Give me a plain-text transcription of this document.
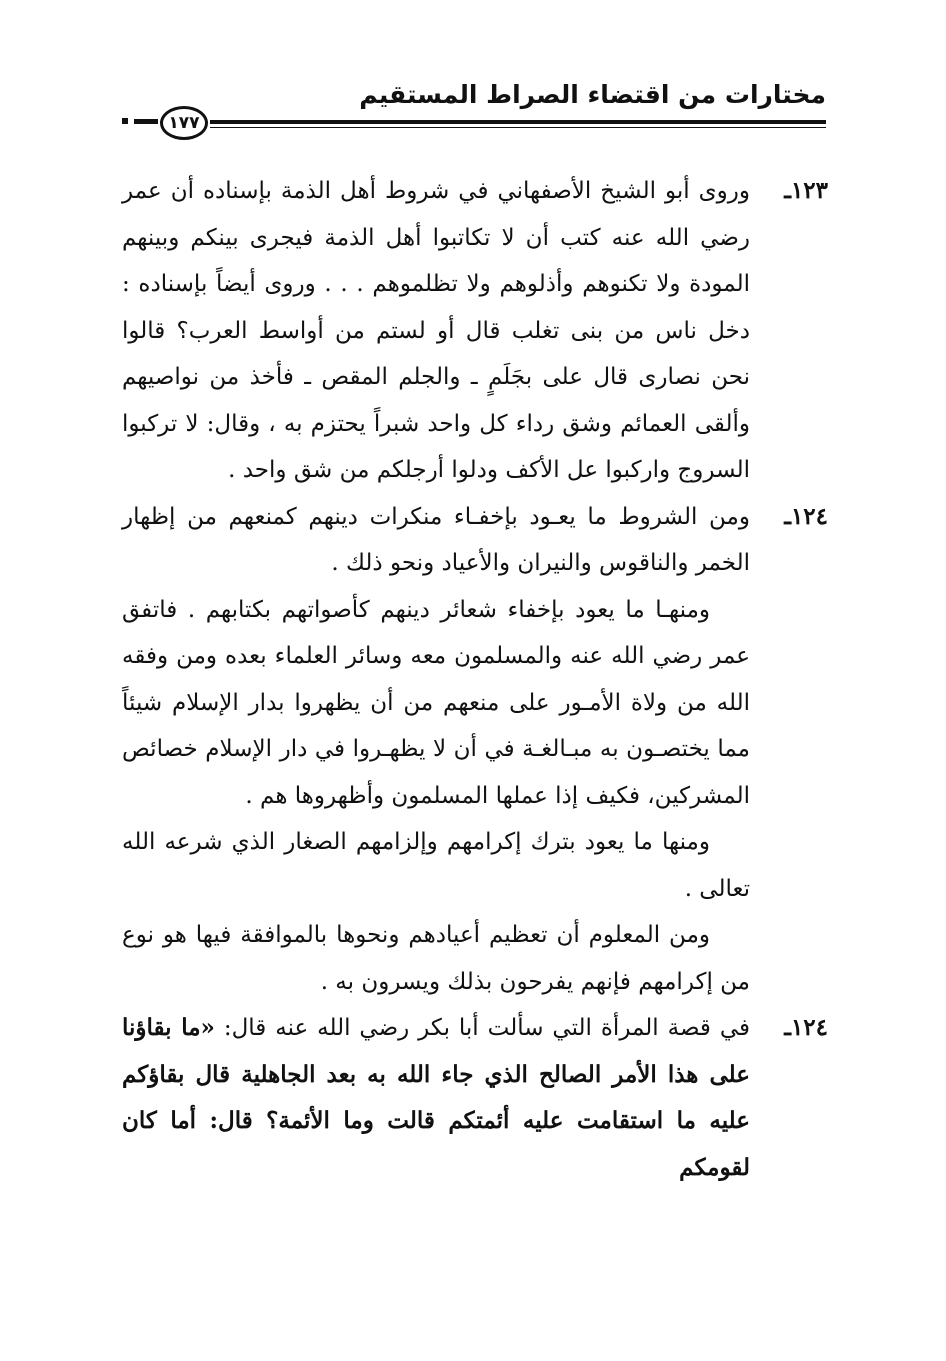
مختارات من اقتضاء الصراط المستقيم
١٧٧
١٢٣ـ
وروى أبو الشيخ الأصفهاني في شروط أهل الذمة بإسناده أن عمر رضي الله عنه كتب أن لا تكاتبوا أهل الذمة فيجرى بينكم وبينهم المودة ولا تكنوهم وأذلوهم ولا تظلموهم . . . وروى أيضاً بإسناده : دخل ناس من بنى تغلب قال أو لستم من أواسط العرب؟ قالوا نحن نصارى قال على بجَلَمٍ ـ والجلم المقص ـ فأخذ من نواصيهم وألقى العمائم وشق رداء كل واحد شبراً يحتزم به ، وقال: لا تركبوا السروج واركبوا عل الأكف ودلوا أرجلكم من شق واحد .
١٢٤ـ
ومن الشروط ما يعـود بإخفـاء منكرات دينهم كمنعهم من إظهار الخمر والناقوس والنيران والأعياد ونحو ذلك .
ومنهـا ما يعود بإخفاء شعائر دينهم كأصواتهم بكتابهم . فاتفق عمر رضي الله عنه والمسلمون معه وسائر العلماء بعده ومن وفقه الله من ولاة الأمـور على منعهم من أن يظهروا بدار الإسلام شيئاً مما يختصـون به مبـالغـة في أن لا يظهـروا في دار الإسلام خصائص المشركين، فكيف إذا عملها المسلمون وأظهروها هم .
ومنها ما يعود بترك إكرامهم وإلزامهم الصغار الذي شرعه الله تعالى .
ومن المعلوم أن تعظيم أعيادهم ونحوها بالموافقة فيها هو نوع من إكرامهم فإنهم يفرحون بذلك ويسرون به .
١٢٤ـ
في قصة المرأة التي سألت أبا بكر رضي الله عنه قال: «ما بقاؤنا على هذا الأمر الصالح الذي جاء الله به بعد الجاهلية قال بقاؤكم عليه ما استقامت عليه أئمتكم قالت وما الأئمة؟ قال: أما كان لقومكم
